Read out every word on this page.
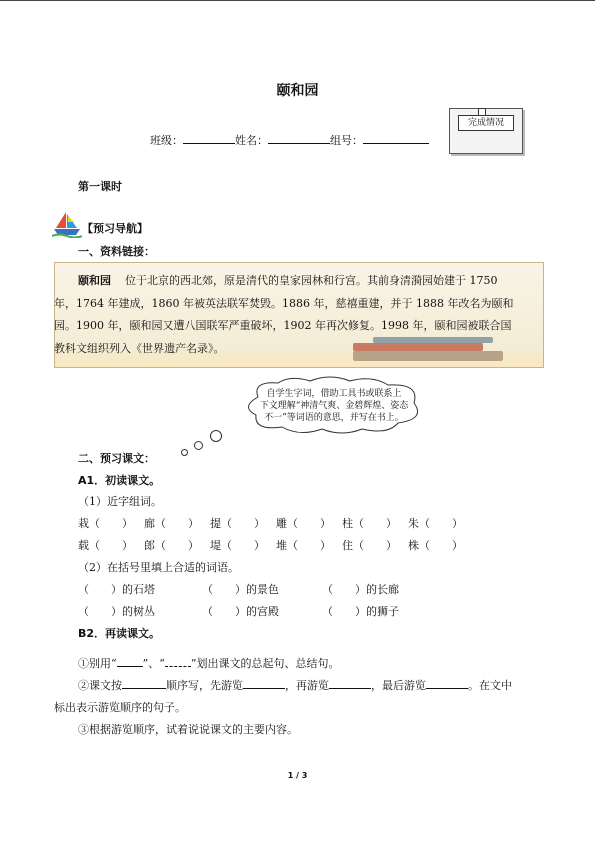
颐和园
班级：	姓名：	组号：
完成情况
第一课时
【预习导航】
一、资料链接：
颐和园 位于北京的西北郊，原是清代的皇家园林和行宫。其前身清漪园始建于 1750
年，1764 年建成，1860 年被英法联军焚毁。1886 年，慈禧重建，并于 1888 年改名为颐和
园。1900 年，颐和园又遭八国联军严重破坏，1902 年再次修复。1998 年，颐和园被联合国
教科文组织列入《世界遗产名录》。
自学生字词，借助工具书或联系上
下文理解“神清气爽、金碧辉煌、姿态
不一”等词语的意思，并写在书上。
二、预习课文：
A1．初读课文。
（1）近字组词。
栽（　　） 廊（　　） 提（　　） 雕（　　） 柱（　　） 朱（　　）
载（　　） 郎（　　） 堤（　　） 堆（　　） 住（　　） 株（　　）
（2）在括号里填上合适的词语。
（　　）的石塔	（　　）的景色	（　　）的长廊
（　　）的树丛	（　　）的宫殿	（　　）的狮子
B2．再读课文。
①别用“ ”、“ ”划出课文的总起句、总结句。
②课文按	顺序写，先游览	，再游览	，最后游览	。在文中
标出表示游览顺序的句子。
③根据游览顺序，试着说说课文的主要内容。
1 / 3
